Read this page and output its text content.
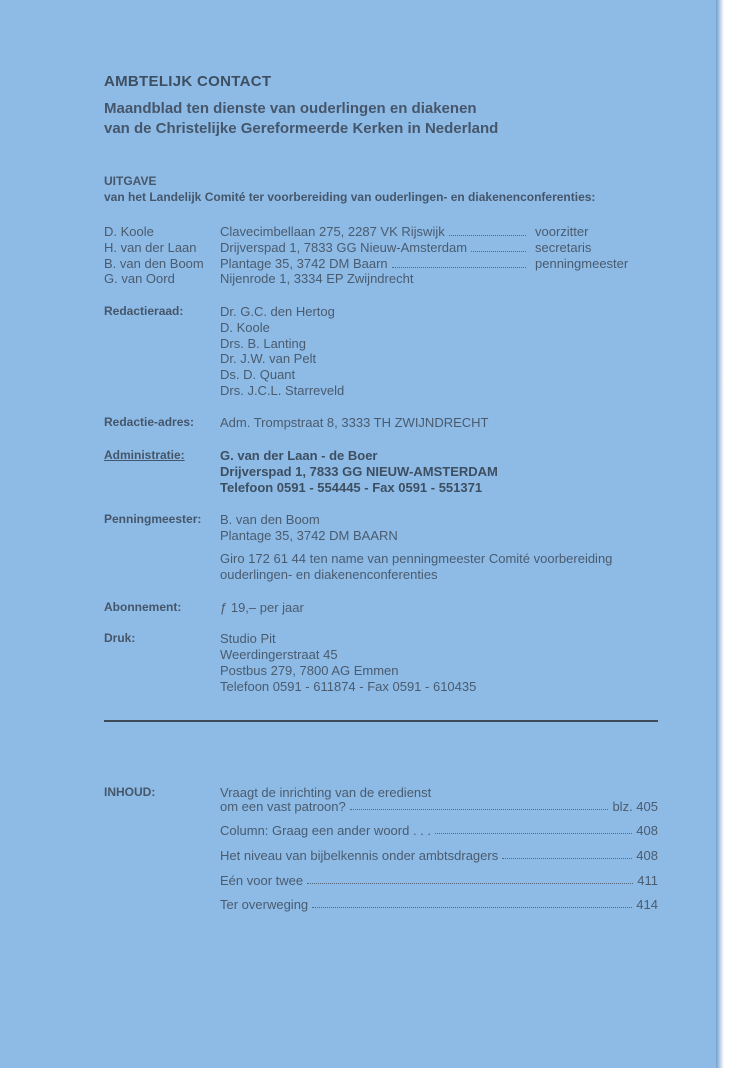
AMBTELIJK CONTACT
Maandblad ten dienste van ouderlingen en diakenen
van de Christelijke Gereformeerde Kerken in Nederland
UITGAVE
van het Landelijk Comité ter voorbereiding van ouderlingen- en diakenenconferenties:
D. Koole	Clavecimbellaan 275, 2287 VK Rijswijk	voorzitter
H. van der Laan Drijverspad 1, 7833 GG Nieuw-Amsterdam	secretaris
B. van den Boom Plantage 35, 3742 DM Baarn	penningmeester
G. van Oord	Nijenrode 1, 3334 EP Zwijndrecht
Redactieraad:	Dr. G.C. den Hertog
D. Koole
Drs. B. Lanting
Dr. J.W. van Pelt
Ds. D. Quant
Drs. J.C.L. Starreveld
Redactie-adres: Adm. Trompstraat 8, 3333 TH ZWIJNDRECHT
Administratie:	G. van der Laan - de Boer
Drijverspad 1, 7833 GG NIEUW-AMSTERDAM
Telefoon 0591 - 554445 - Fax 0591 - 551371
Penningmeester: B. van den Boom
Plantage 35, 3742 DM BAARN
Giro 172 61 44 ten name van penningmeester Comité voorbereiding
ouderlingen- en diakenenconferenties
Abonnement:	ƒ 19,– per jaar
Druk:	Studio Pit
Weerdingerstraat 45
Postbus 279, 7800 AG Emmen
Telefoon 0591 - 611874 - Fax 0591 - 610435
INHOUD:	Vraagt de inrichting van de eredienst
om een vast patroon?	blz. 405
Column: Graag een ander woord . . .	408
Het niveau van bijbelkennis onder ambtsdragers	408
Eén voor twee	411
Ter overweging	414
